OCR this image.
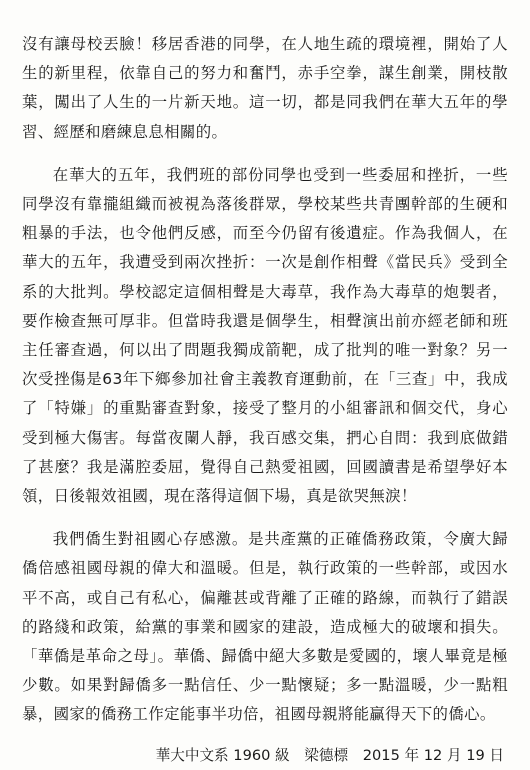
沒有讓母校丟臉！移居香港的同學，在人地生疏的環境裡，開始了人生的新里程，依靠自己的努力和奮鬥，赤手空拳，謀生創業，開枝散葉，闖出了人生的一片新天地。這一切，都是同我們在華大五年的學習、經歷和磨練息息相關的。

在華大的五年，我們班的部份同學也受到一些委屈和挫折，一些同學沒有靠攏組織而被視為落後群眾，學校某些共青團幹部的生硬和粗暴的手法，也令他們反感，而至今仍留有後遺症。作為我個人，在華大的五年，我遭受到兩次挫折：一次是創作相聲《當民兵》受到全系的大批判。學校認定這個相聲是大毒草，我作為大毒草的炮製者，要作檢查無可厚非。但當時我還是個學生，相聲演出前亦經老師和班主任審查過，何以出了問題我獨成箭靶，成了批判的唯一對象？另一次受挫傷是63年下鄉參加社會主義教育運動前，在「三查」中，我成了「特嫌」的重點審查對象，接受了整月的小組審訊和個交代，身心受到極大傷害。每當夜闌人靜，我百感交集，捫心自問：我到底做錯了甚麼？我是滿腔委屈，覺得自己熱愛祖國，回國讀書是希望學好本領，日後報效祖國，現在落得這個下場，真是欲哭無淚！

我們僑生對祖國心存感激。是共產黨的正確僑務政策，令廣大歸僑倍感祖國母親的偉大和溫暖。但是，執行政策的一些幹部，或因水平不高，或自己有私心，偏離甚或背離了正確的路線，而執行了錯誤的路綫和政策，給黨的事業和國家的建設，造成極大的破壞和損失。「華僑是革命之母」。華僑、歸僑中絕大多數是愛國的，壞人畢竟是極少數。如果對歸僑多一點信任、少一點懷疑；多一點溫暖，少一點粗暴，國家的僑務工作定能事半功倍，祖國母親將能贏得天下的僑心。

華大中文系 1960 級 梁德標 2015 年 12 月 19 日
